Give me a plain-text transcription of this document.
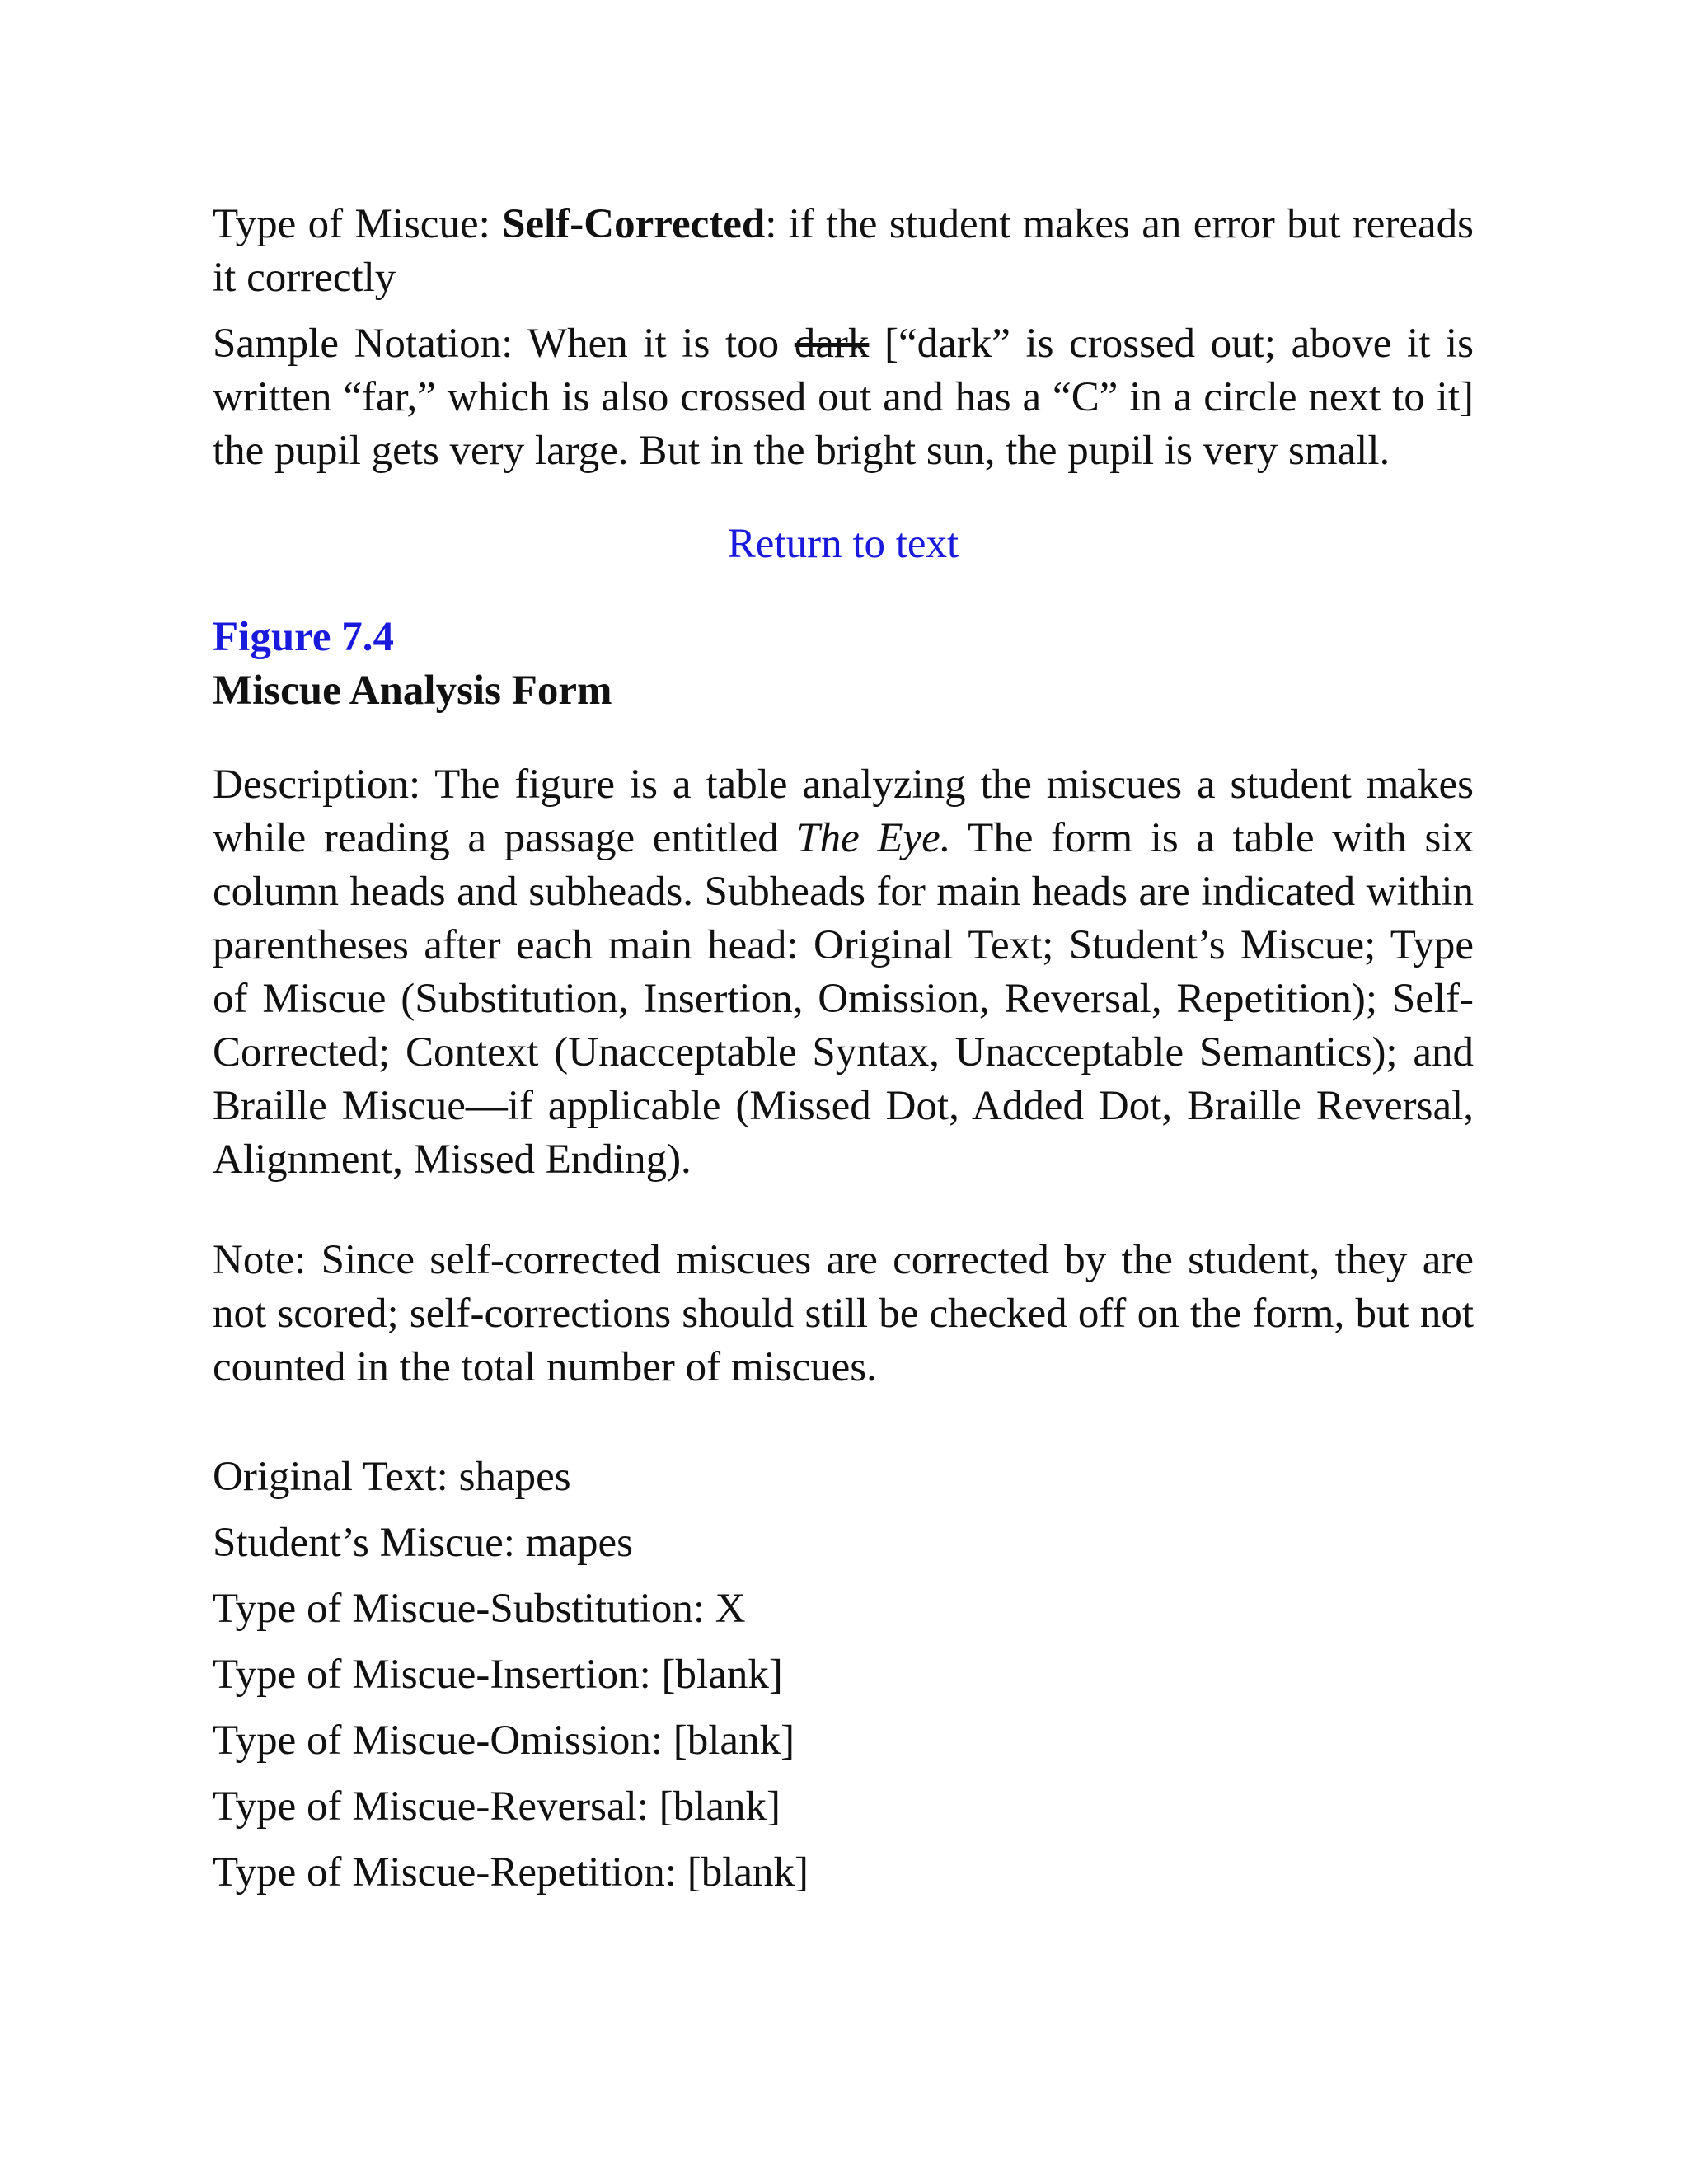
Type of Miscue: Self-Corrected: if the student makes an error but rereads it correctly

Sample Notation: When it is too dark [“dark” is crossed out; above it is written “far,” which is also crossed out and has a “C” in a circle next to it] the pupil gets very large. But in the bright sun, the pupil is very small.

Return to text
Figure 7.4
Miscue Analysis Form

Description: The figure is a table analyzing the miscues a student makes while reading a passage entitled The Eye. The form is a table with six column heads and subheads. Subheads for main heads are indicated within parentheses after each main head: Original Text; Student’s Miscue; Type of Miscue (Substitution, Insertion, Omission, Reversal, Repetition); Self-Corrected; Context (Unacceptable Syntax, Unacceptable Semantics); and Braille Miscue—if applicable (Missed Dot, Added Dot, Braille Reversal, Alignment, Missed Ending).

Note: Since self-corrected miscues are corrected by the student, they are not scored; self-corrections should still be checked off on the form, but not counted in the total number of miscues.

Original Text: shapes
Student’s Miscue: mapes
Type of Miscue-Substitution: X
Type of Miscue-Insertion: [blank]
Type of Miscue-Omission: [blank]
Type of Miscue-Reversal: [blank]
Type of Miscue-Repetition: [blank]
